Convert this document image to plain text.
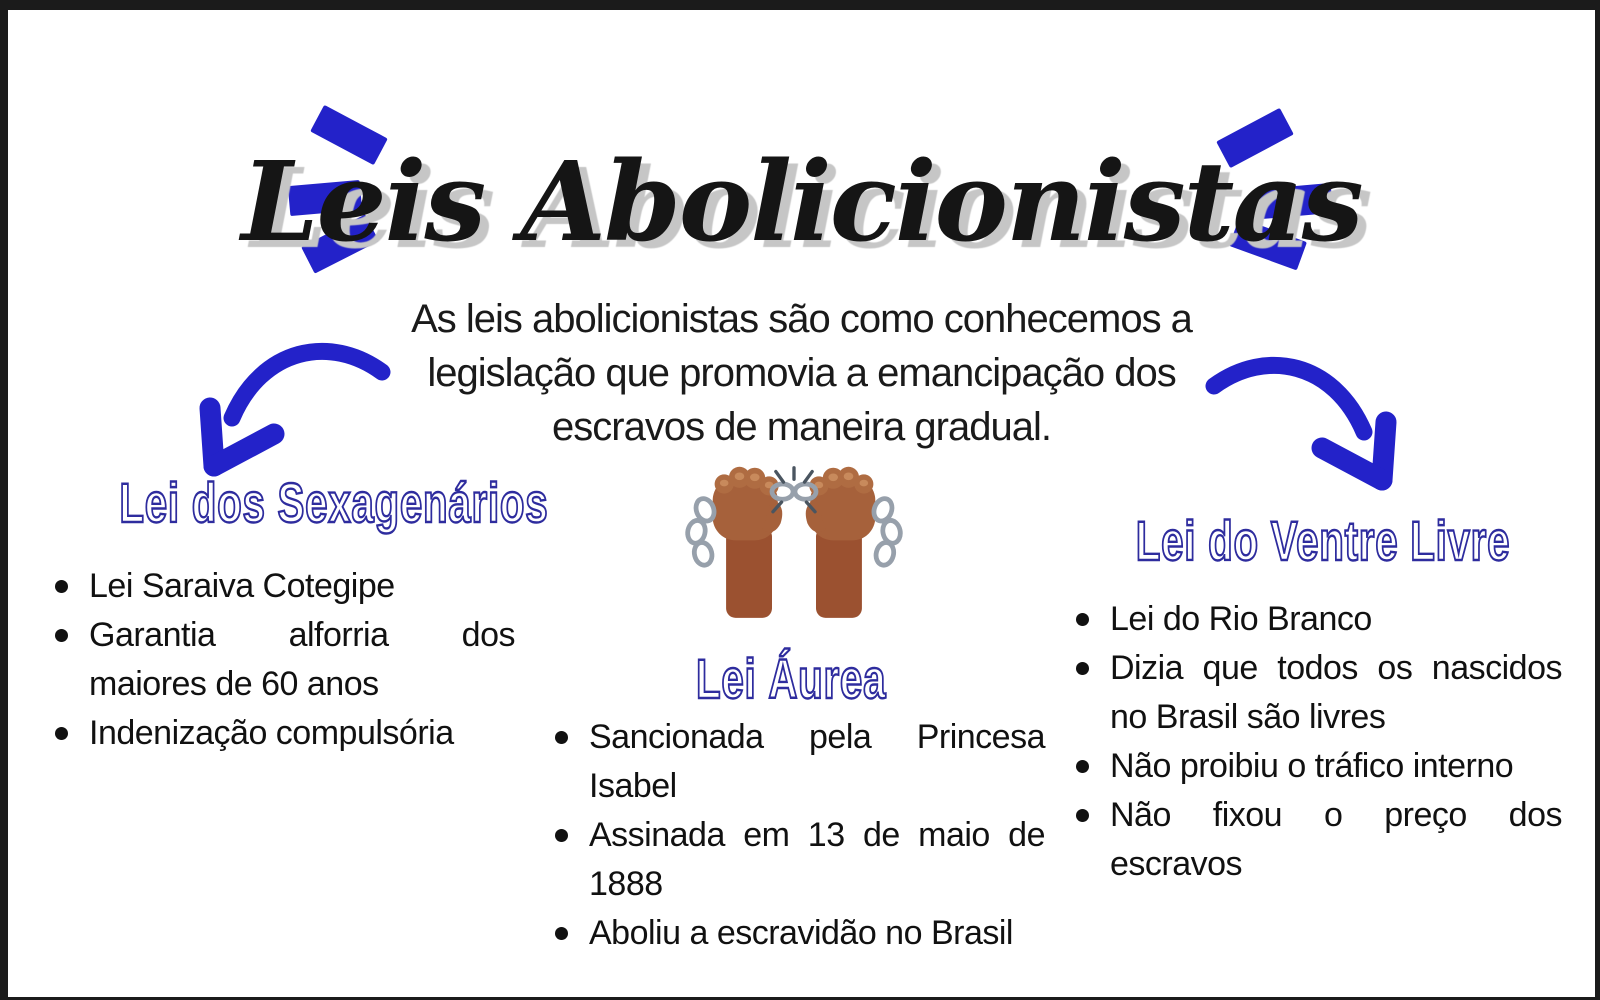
Leis Abolicionistas
As leis abolicionistas são como conhecemos a
legislação que promovia a emancipação dos
escravos de maneira gradual.
Lei dos Sexagenários
Lei Saraiva Cotegipe
Garantia alforria dos
maiores de 60 anos
Indenização compulsória
Lei Áurea
Sancionada pela Princesa
Isabel
Assinada em 13 de maio de
1888
Aboliu a escravidão no Brasil
Lei do Ventre Livre
Lei do Rio Branco
Dizia que todos os nascidos
no Brasil são livres
Não proibiu o tráfico interno
Não fixou o preço dos
escravos
